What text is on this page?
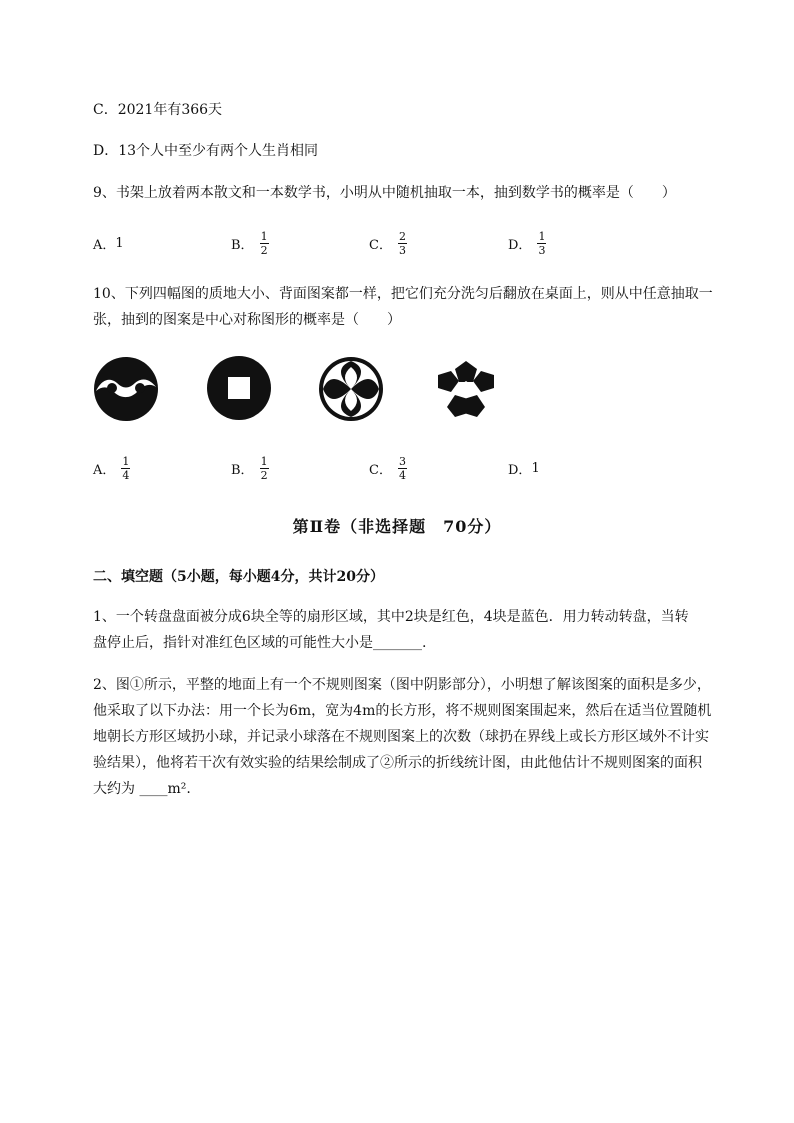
C．2021年有366天
D．13个人中至少有两个人生肖相同
9、书架上放着两本散文和一本数学书，小明从中随机抽取一本，抽到数学书的概率是（　　）
A． 1	B． $\frac{1}{2}$	C． $\frac{2}{3}$	D． $\frac{1}{3}$
10、下列四幅图的质地大小、背面图案都一样，把它们充分洗匀后翻放在桌面上，则从中任意抽取一
张，抽到的图案是中心对称图形的概率是（　　）
A． $\frac{1}{4}$	B． $\frac{1}{2}$	C． $\frac{3}{4}$	D． 1
第Ⅱ卷（非选择题　70分）
二、填空题（5小题，每小题4分，共计20分）
1、一个转盘盘面被分成6块全等的扇形区域，其中2块是红色，4块是蓝色．用力转动转盘，当转
盘停止后，指针对准红色区域的可能性大小是_______.
2、图①所示，平整的地面上有一个不规则图案（图中阴影部分），小明想了解该图案的面积是多少，
他采取了以下办法：用一个长为6m，宽为4m的长方形，将不规则图案围起来，然后在适当位置随机
地朝长方形区域扔小球，并记录小球落在不规则图案上的次数（球扔在界线上或长方形区域外不计实
验结果），他将若干次有效实验的结果绘制成了②所示的折线统计图，由此他估计不规则图案的面积
大约为 ____m².
